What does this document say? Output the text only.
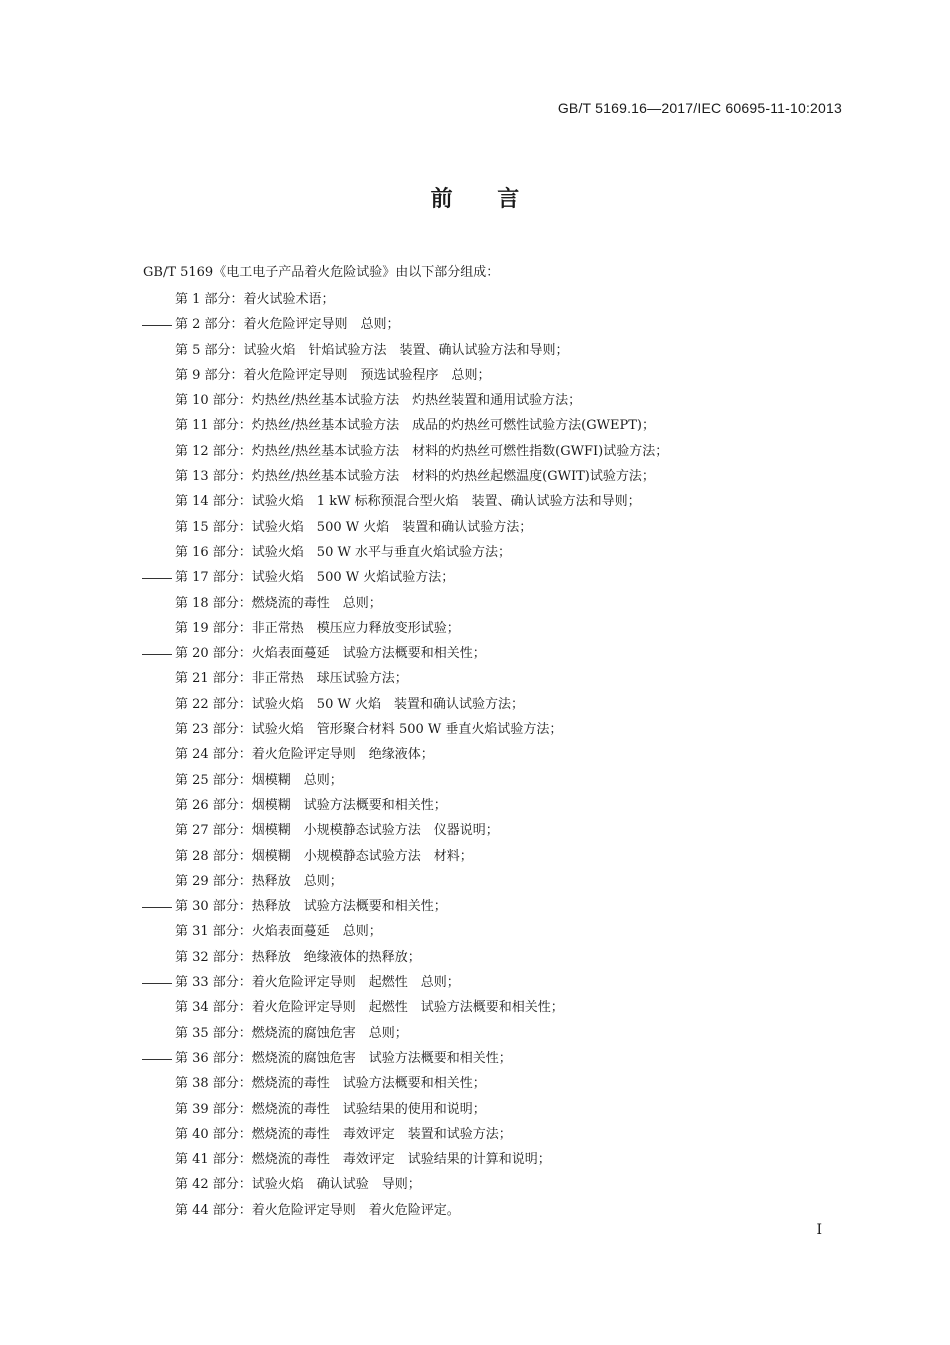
GB/T 5169.16—2017/IEC 60695-11-10:2013
前　　言
GB/T 5169《电工电子产品着火危险试验》由以下部分组成：
第 1 部分：着火试验术语；
第 2 部分：着火危险评定导则　总则；
第 5 部分：试验火焰　针焰试验方法　装置、确认试验方法和导则；
第 9 部分：着火危险评定导则　预选试验程序　总则；
第 10 部分：灼热丝/热丝基本试验方法　灼热丝装置和通用试验方法；
第 11 部分：灼热丝/热丝基本试验方法　成品的灼热丝可燃性试验方法(GWEPT)；
第 12 部分：灼热丝/热丝基本试验方法　材料的灼热丝可燃性指数(GWFI)试验方法；
第 13 部分：灼热丝/热丝基本试验方法　材料的灼热丝起燃温度(GWIT)试验方法；
第 14 部分：试验火焰　1 kW 标称预混合型火焰　装置、确认试验方法和导则；
第 15 部分：试验火焰　500 W 火焰　装置和确认试验方法；
第 16 部分：试验火焰　50 W 水平与垂直火焰试验方法；
第 17 部分：试验火焰　500 W 火焰试验方法；
第 18 部分：燃烧流的毒性　总则；
第 19 部分：非正常热　模压应力释放变形试验；
第 20 部分：火焰表面蔓延　试验方法概要和相关性；
第 21 部分：非正常热　球压试验方法；
第 22 部分：试验火焰　50 W 火焰　装置和确认试验方法；
第 23 部分：试验火焰　管形聚合材料 500 W 垂直火焰试验方法；
第 24 部分：着火危险评定导则　绝缘液体；
第 25 部分：烟模糊　总则；
第 26 部分：烟模糊　试验方法概要和相关性；
第 27 部分：烟模糊　小规模静态试验方法　仪器说明；
第 28 部分：烟模糊　小规模静态试验方法　材料；
第 29 部分：热释放　总则；
第 30 部分：热释放　试验方法概要和相关性；
第 31 部分：火焰表面蔓延　总则；
第 32 部分：热释放　绝缘液体的热释放；
第 33 部分：着火危险评定导则　起燃性　总则；
第 34 部分：着火危险评定导则　起燃性　试验方法概要和相关性；
第 35 部分：燃烧流的腐蚀危害　总则；
第 36 部分：燃烧流的腐蚀危害　试验方法概要和相关性；
第 38 部分：燃烧流的毒性　试验方法概要和相关性；
第 39 部分：燃烧流的毒性　试验结果的使用和说明；
第 40 部分：燃烧流的毒性　毒效评定　装置和试验方法；
第 41 部分：燃烧流的毒性　毒效评定　试验结果的计算和说明；
第 42 部分：试验火焰　确认试验　导则；
第 44 部分：着火危险评定导则　着火危险评定。
I
